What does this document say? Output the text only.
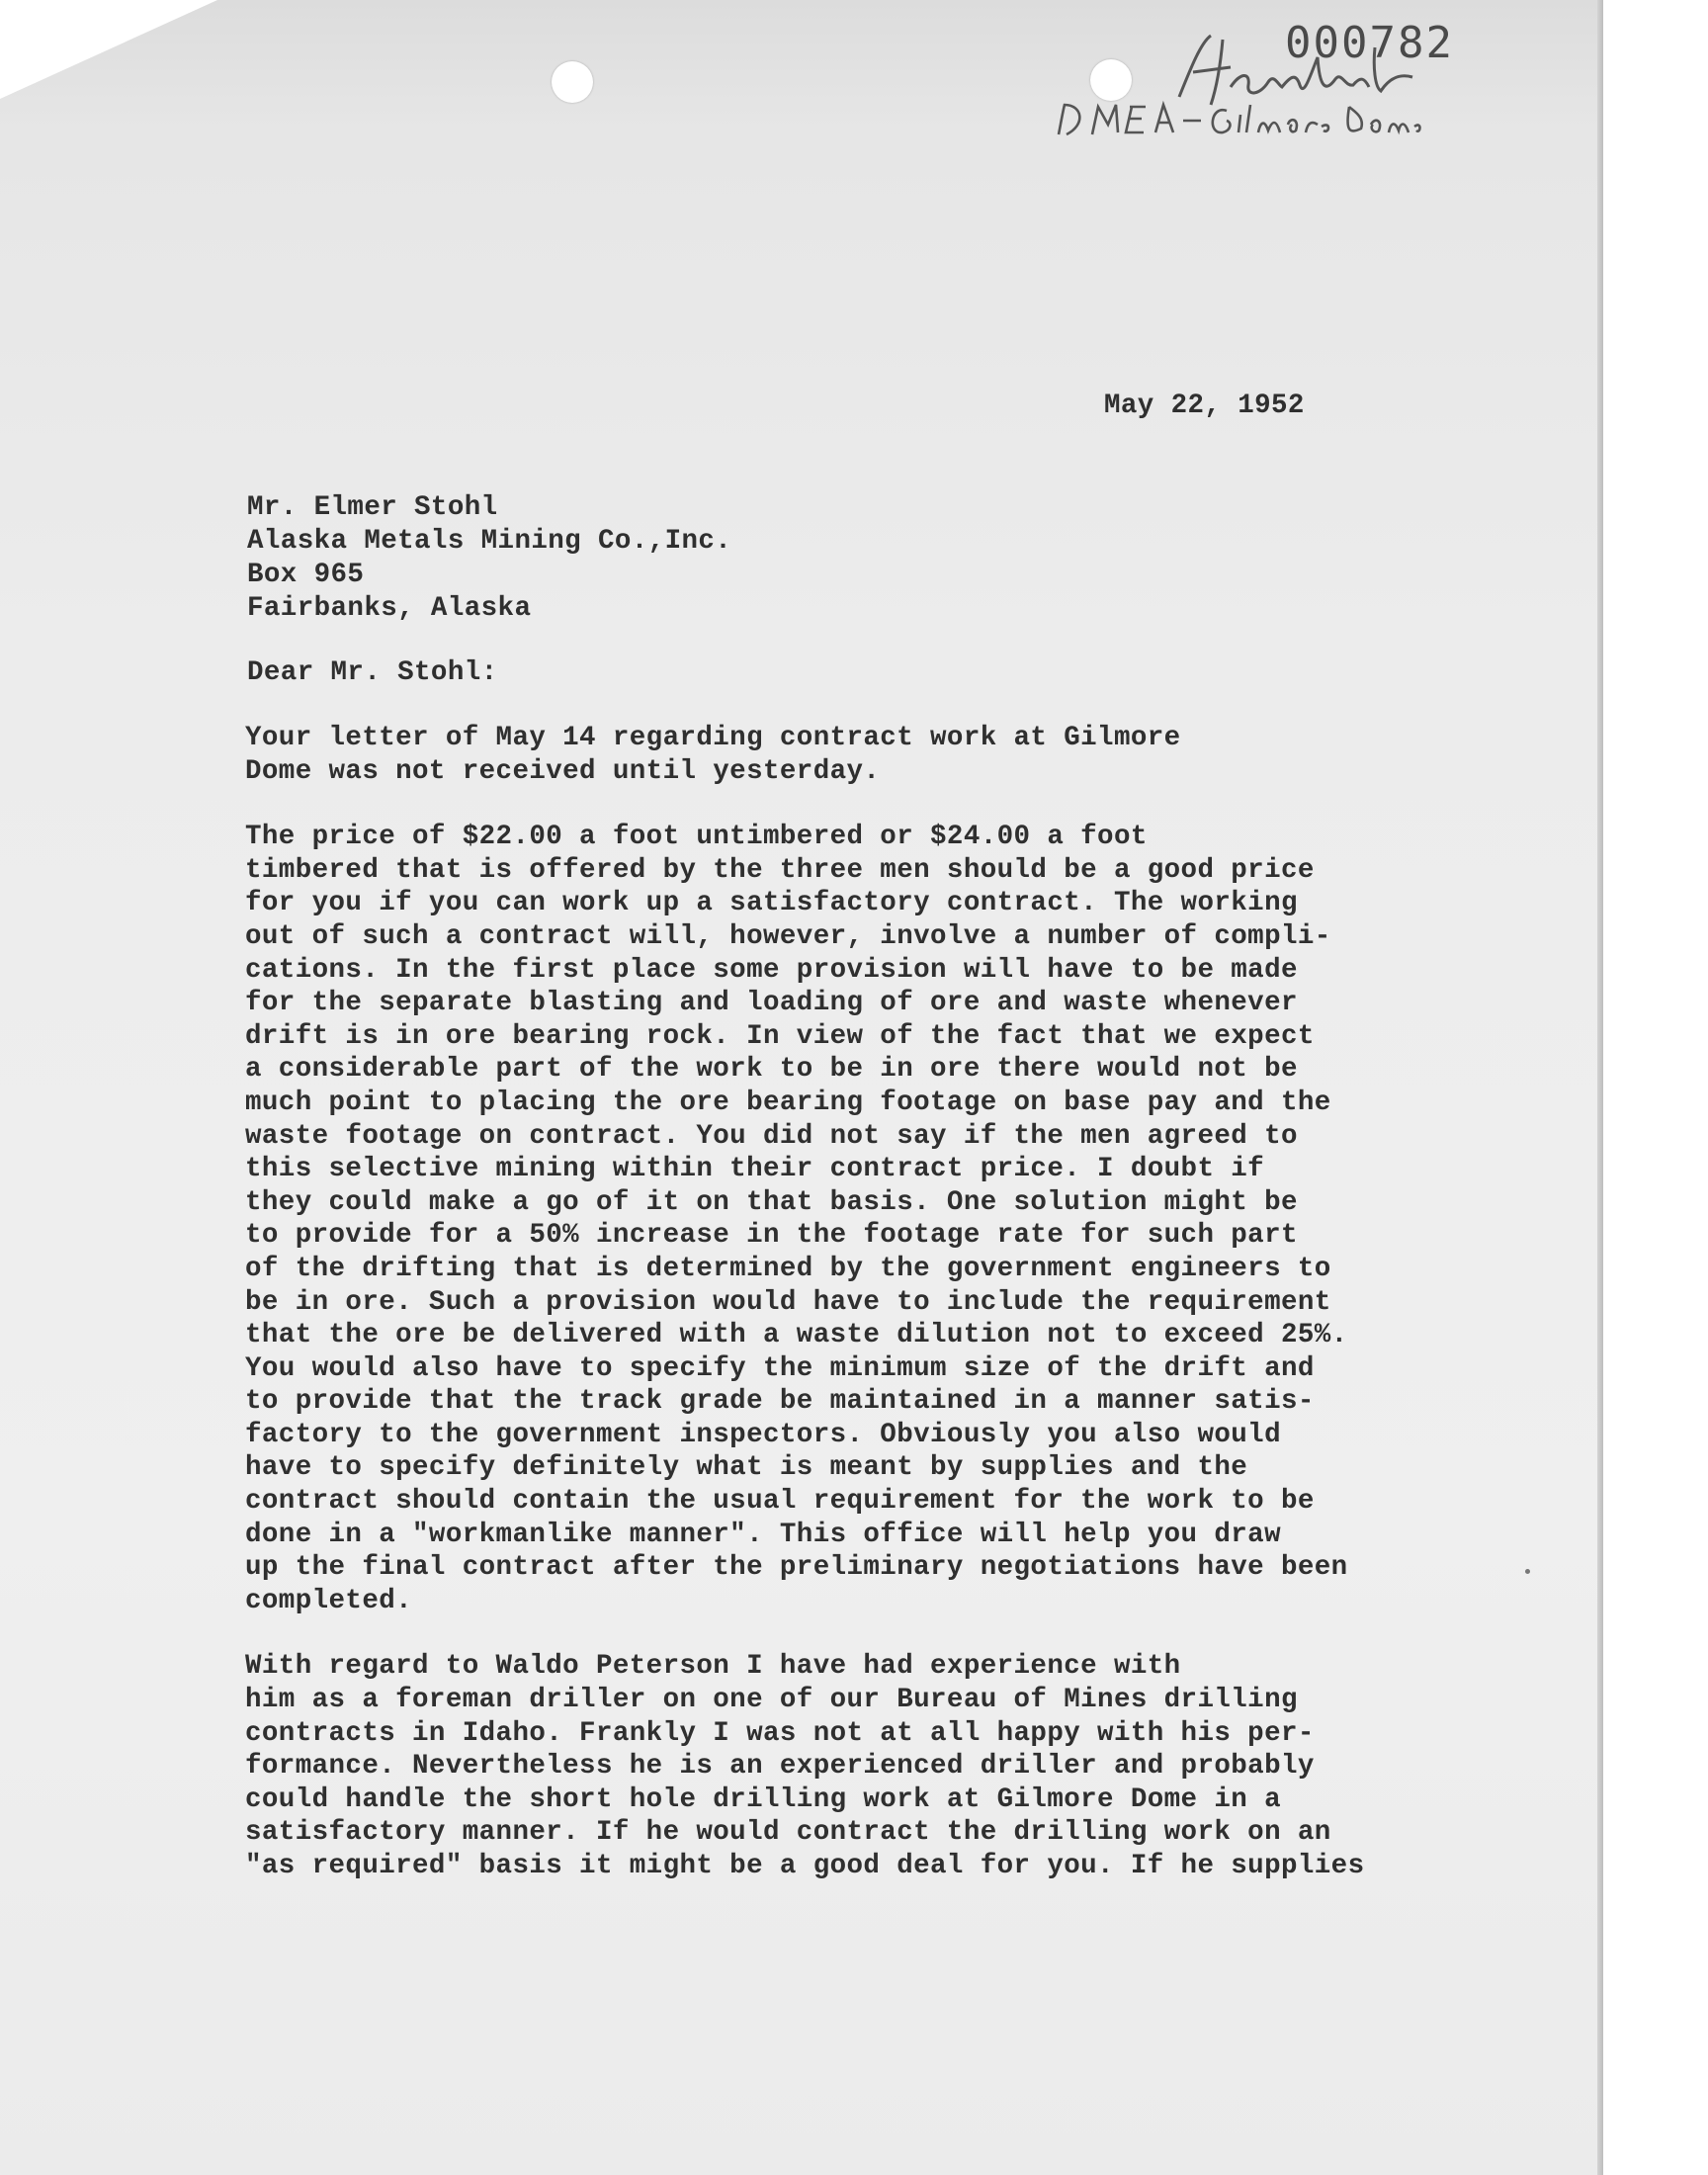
000782
May 22, 1952
Mr. Elmer Stohl
Alaska Metals Mining Co.,Inc.
Box 965
Fairbanks, Alaska
Dear Mr. Stohl:
Your letter of May 14 regarding contract work at Gilmore
Dome was not received until yesterday.
The price of $22.00 a foot untimbered or $24.00 a foot
timbered that is offered by the three men should be a good price
for you if you can work up a satisfactory contract. The working
out of such a contract will, however, involve a number of compli-
cations. In the first place some provision will have to be made
for the separate blasting and loading of ore and waste whenever
drift is in ore bearing rock. In view of the fact that we expect
a considerable part of the work to be in ore there would not be
much point to placing the ore bearing footage on base pay and the
waste footage on contract. You did not say if the men agreed to
this selective mining within their contract price. I doubt if
they could make a go of it on that basis. One solution might be
to provide for a 50% increase in the footage rate for such part
of the drifting that is determined by the government engineers to
be in ore. Such a provision would have to include the requirement
that the ore be delivered with a waste dilution not to exceed 25%.
You would also have to specify the minimum size of the drift and
to provide that the track grade be maintained in a manner satis-
factory to the government inspectors. Obviously you also would
have to specify definitely what is meant by supplies and the
contract should contain the usual requirement for the work to be
done in a "workmanlike manner". This office will help you draw
up the final contract after the preliminary negotiations have been
completed.
With regard to Waldo Peterson I have had experience with
him as a foreman driller on one of our Bureau of Mines drilling
contracts in Idaho. Frankly I was not at all happy with his per-
formance. Nevertheless he is an experienced driller and probably
could handle the short hole drilling work at Gilmore Dome in a
satisfactory manner. If he would contract the drilling work on an
"as required" basis it might be a good deal for you. If he supplies
